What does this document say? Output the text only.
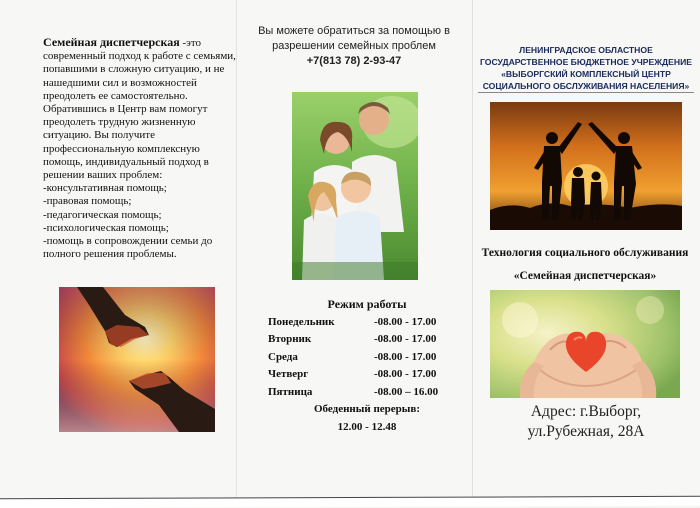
Семейная диспетчерская -это
современный подход к работе с семьями,
попавшими в сложную ситуацию, и не
нашедшими сил и возможностей
преодолеть ее самостоятельно.
Обратившись в Центр вам помогут
преодолеть трудную жизненную
ситуацию. Вы получите
профессиональную комплексную
помощь, индивидуальный подход в
решении ваших проблем:
-консультативная помощь;
-правовая помощь;
-педагогическая помощь;
-психологическая помощь;
-помощь в сопровождении семьи до
полного решения проблемы.
Вы можете обратиться за помощью в
разрешении семейных проблем
+7(813 78) 2-93-47
Режим работы
Понедельник	-08.00 - 17.00
Вторник	-08.00 - 17.00
Среда	-08.00 - 17.00
Четверг	-08.00 - 17.00
Пятница	-08.00 – 16.00
Обеденный перерыв:
12.00 - 12.48
ЛЕНИНГРАДСКОЕ ОБЛАСТНОЕ
ГОСУДАРСТВЕННОЕ БЮДЖЕТНОЕ УЧРЕЖДЕНИЕ
«ВЫБОРГСКИЙ КОМПЛЕКСНЫЙ ЦЕНТР
СОЦИАЛЬНОГО ОБСЛУЖИВАНИЯ НАСЕЛЕНИЯ»
Технология социального обслуживания
«Семейная диспетчерская»
Адрес: г.Выборг,
ул.Рубежная, 28А
